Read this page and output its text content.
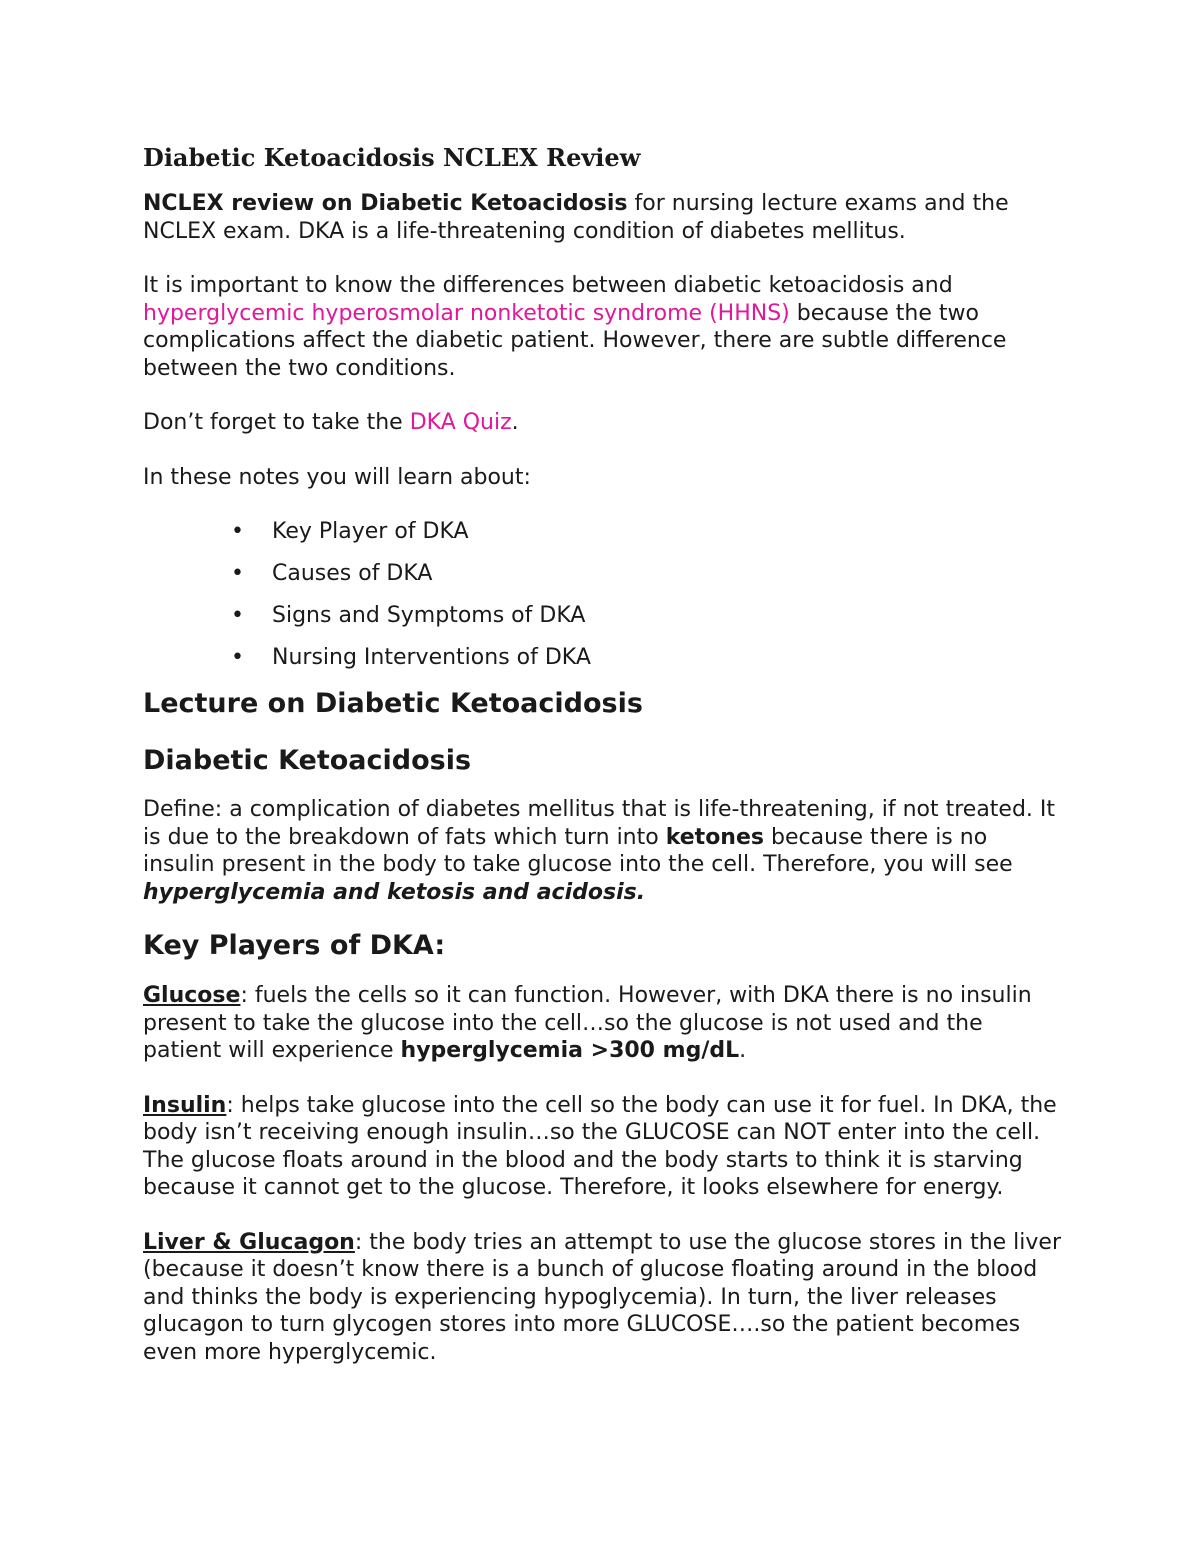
Diabetic Ketoacidosis NCLEX Review

NCLEX review on Diabetic Ketoacidosis for nursing lecture exams and the NCLEX exam. DKA is a life-threatening condition of diabetes mellitus.

It is important to know the differences between diabetic ketoacidosis and hyperglycemic hyperosmolar nonketotic syndrome (HHNS) because the two complications affect the diabetic patient. However, there are subtle difference between the two conditions.

Don’t forget to take the DKA Quiz.

In these notes you will learn about:

• Key Player of DKA
• Causes of DKA
• Signs and Symptoms of DKA
• Nursing Interventions of DKA
Lecture on Diabetic Ketoacidosis
Diabetic Ketoacidosis

Define: a complication of diabetes mellitus that is life-threatening, if not treated. It is due to the breakdown of fats which turn into ketones because there is no insulin present in the body to take glucose into the cell. Therefore, you will see hyperglycemia and ketosis and acidosis.

Key Players of DKA:

Glucose: fuels the cells so it can function. However, with DKA there is no insulin present to take the glucose into the cell…so the glucose is not used and the patient will experience hyperglycemia >300 mg/dL.

Insulin: helps take glucose into the cell so the body can use it for fuel. In DKA, the body isn’t receiving enough insulin…so the GLUCOSE can NOT enter into the cell. The glucose floats around in the blood and the body starts to think it is starving because it cannot get to the glucose. Therefore, it looks elsewhere for energy.

Liver & Glucagon: the body tries an attempt to use the glucose stores in the liver (because it doesn’t know there is a bunch of glucose floating around in the blood and thinks the body is experiencing hypoglycemia). In turn, the liver releases glucagon to turn glycogen stores into more GLUCOSE….so the patient becomes even more hyperglycemic.
